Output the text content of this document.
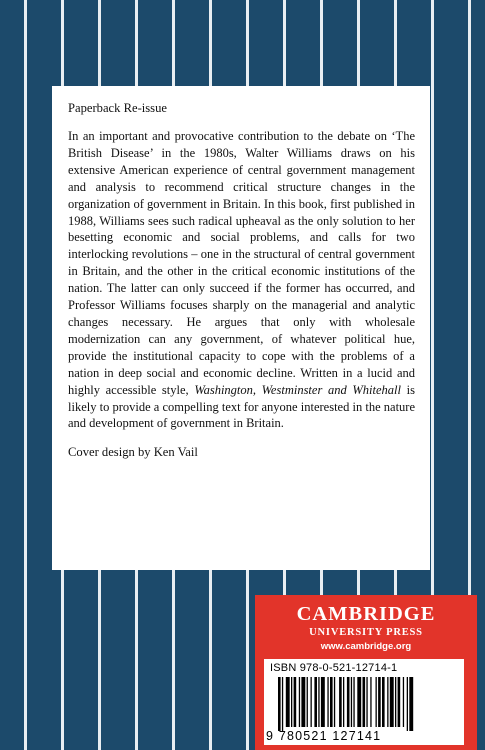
Paperback Re-issue

In an important and provocative contribution to the debate on ‘The British Disease’ in the 1980s, Walter Williams draws on his extensive American experience of central government management and analysis to recommend critical structure changes in the organization of government in Britain. In this book, first published in 1988, Williams sees such radical upheaval as the only solution to her besetting economic and social problems, and calls for two interlocking revolutions – one in the structural of central government in Britain, and the other in the critical economic institutions of the nation. The latter can only succeed if the former has occurred, and Professor Williams focuses sharply on the managerial and analytic changes necessary. He argues that only with wholesale modernization can any government, of whatever political hue, provide the institutional capacity to cope with the problems of a nation in deep social and economic decline. Written in a lucid and highly accessible style, Washington, Westminster and Whitehall is likely to provide a compelling text for anyone interested in the nature and development of government in Britain.

Cover design by Ken Vail

CAMBRIDGE
UNIVERSITY PRESS
www.cambridge.org
ISBN 978-0-521-12714-1
9 780521 127141
